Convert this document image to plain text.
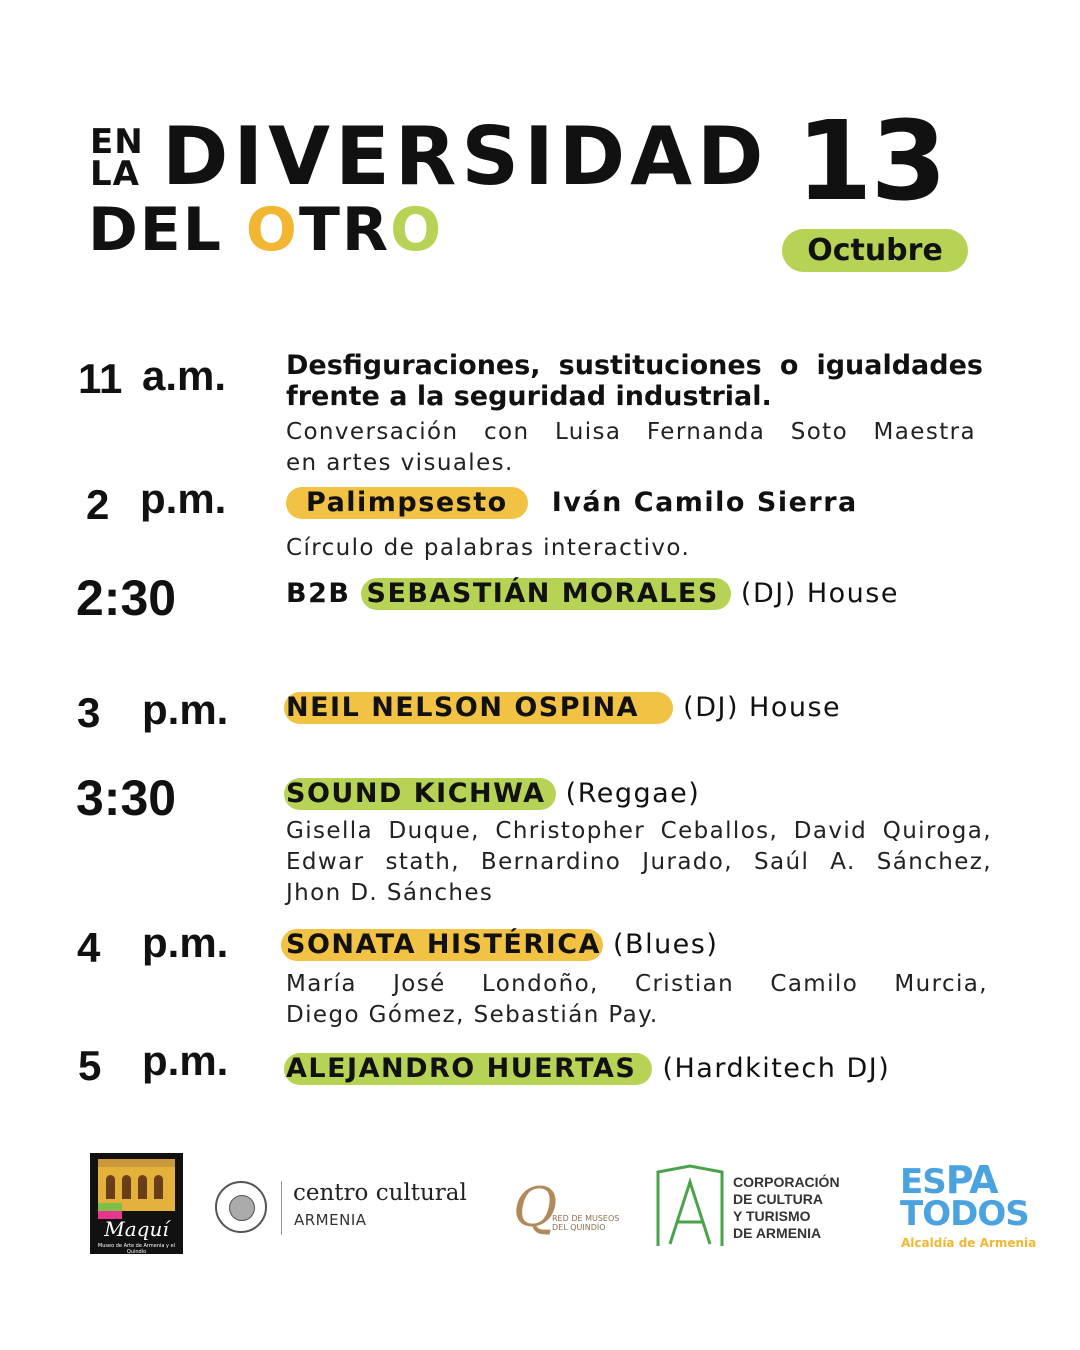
EN
LA DIVERSIDAD
DEL OTRO
13
Octubre
11 a.m. Desfiguraciones, sustituciones o igualdades
frente a la seguridad industrial.
Conversación con Luisa Fernanda Soto Maestra
en artes visuales.
2 p.m.	Palimpsesto Iván Camilo Sierra
Círculo de palabras interactivo.
2:30	B2B SEBASTIÁN MORALES (DJ) House
3 p.m. NEIL NELSON OSPINA (DJ) House
3:30	SOUND KICHWA (Reggae)
Gisella Duque, Christopher Ceballos, David Quiroga,
Edwar stath, Bernardino Jurado, Saúl A. Sánchez,
Jhon D. Sánches
4 p.m. SONATA HISTÉRICA (Blues)
María José Londoño, Cristian Camilo Murcia,
Diego Gómez, Sebastián Pay.
5 p.m. ALEJANDRO HUERTAS (Hardkitech DJ)
Maquí
Museo de Arte de Armenia y el Quindío
centro cultural
ARMENIA	Q
RED DE MUSEOS DEL QUINDÍO
CORPORACIÓN
DE CULTURA
Y TURISMO
DE ARMENIA
ESPA
TODOS
Alcaldía de Armenia
